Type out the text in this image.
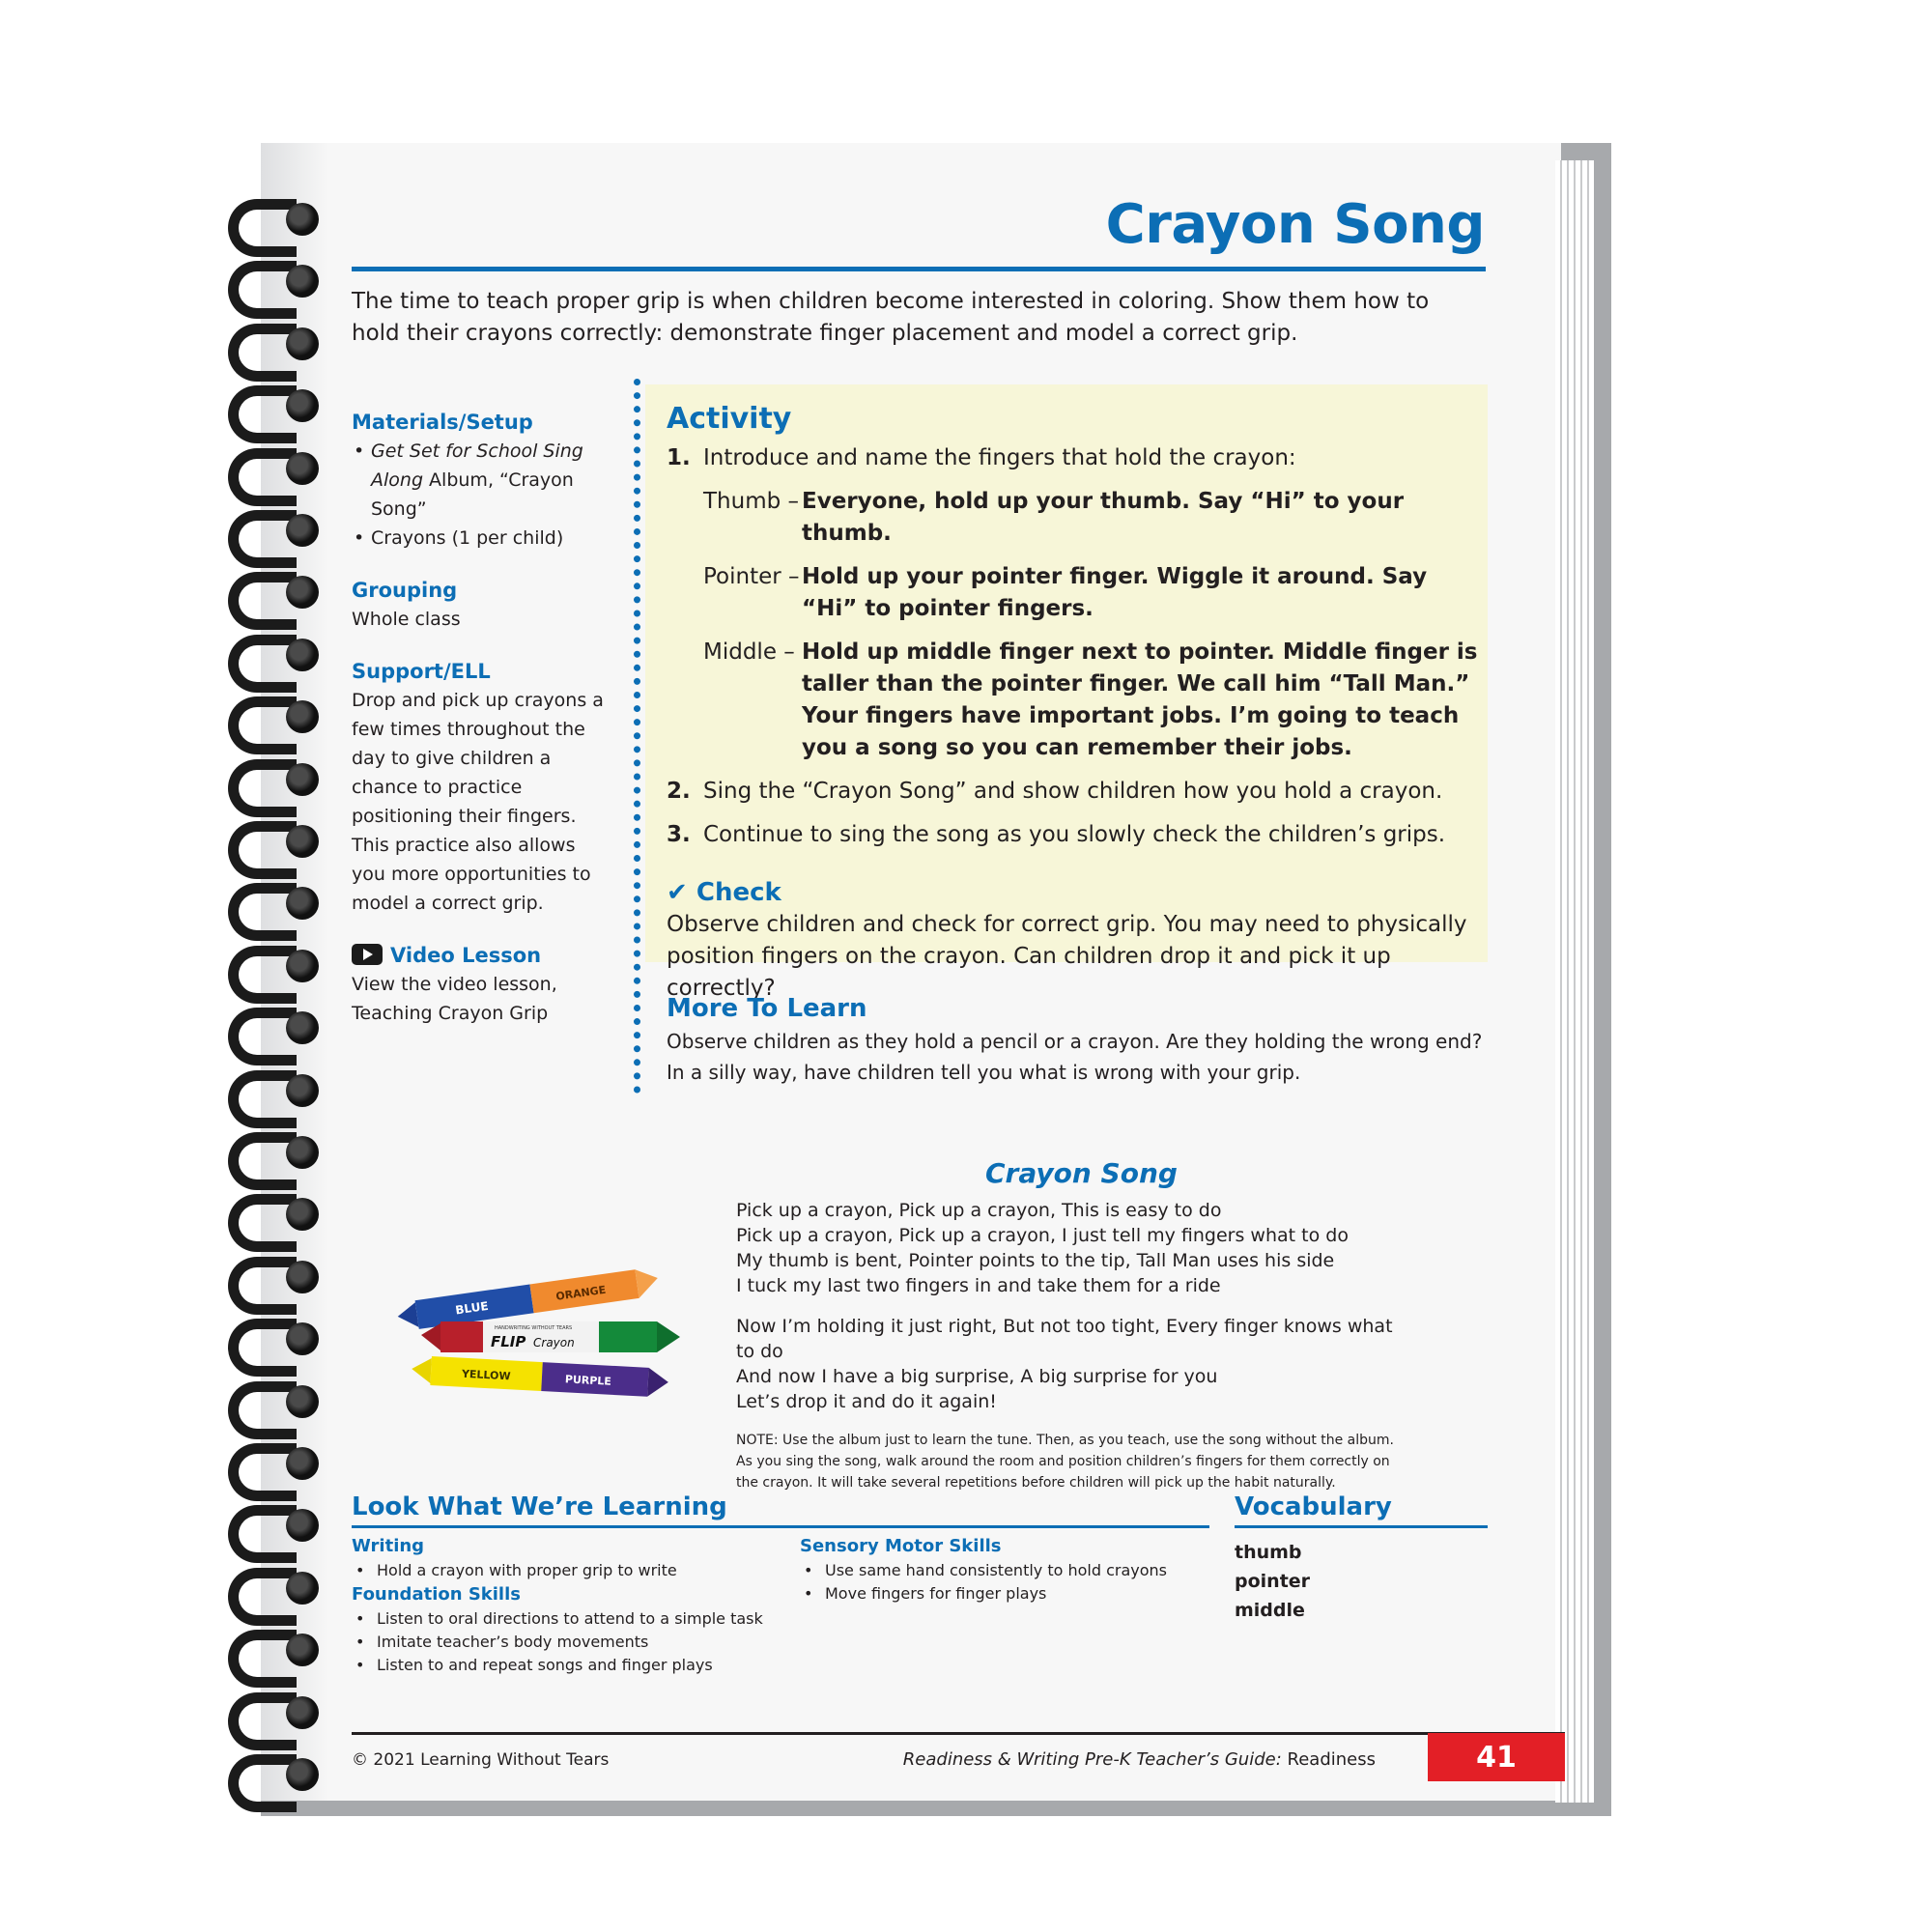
Crayon Song

The time to teach proper grip is when children become interested in coloring. Show them how to hold their crayons correctly: demonstrate finger placement and model a correct grip.

Materials/Setup
• Get Set for School Sing Along Album, “Crayon Song”
• Crayons (1 per child)
Grouping

Whole class

Support/ELL

Drop and pick up crayons a few times throughout the day to give children a chance to practice positioning their fingers. This practice also allows you more opportunities to model a correct grip.

Video Lesson

View the video lesson,
Teaching Crayon Grip

Activity
1. Introduce and name the fingers that hold the crayon:
Thumb – Everyone, hold up your thumb. Say “Hi” to your thumb.
Pointer – Hold up your pointer finger. Wiggle it around. Say “Hi” to pointer fingers.
Middle – Hold up middle finger next to pointer. Middle finger is taller than the pointer finger. We call him “Tall Man.” Your fingers have important jobs. I’m going to teach you a song so you can remember their jobs.
2. Sing the “Crayon Song” and show children how you hold a crayon.
3. Continue to sing the song as you slowly check the children’s grips.
✔ Check

Observe children and check for correct grip. You may need to physically position fingers on the crayon. Can children drop it and pick it up correctly?

More To Learn

Observe children as they hold a pencil or a crayon. Are they holding the wrong end? In a silly way, have children tell you what is wrong with your grip.

BLUE
ORANGE
HANDWRITING WITHOUT TEARS
FLIP Crayon
YELLOW	PURPLE
Crayon Song

Pick up a crayon, Pick up a crayon, This is easy to do

Pick up a crayon, Pick up a crayon, I just tell my fingers what to do

My thumb is bent, Pointer points to the tip, Tall Man uses his side

I tuck my last two fingers in and take them for a ride

Now I’m holding it just right, But not too tight, Every finger knows what to do

And now I have a big surprise, A big surprise for you

Let’s drop it and do it again!

NOTE: Use the album just to learn the tune. Then, as you teach, use the song without the album.

As you sing the song, walk around the room and position children’s fingers for them correctly on

the crayon. It will take several repetitions before children will pick up the habit naturally.

Look What We’re Learning	Vocabulary
Writing
• Hold a crayon with proper grip to write
Foundation Skills
• Listen to oral directions to attend to a simple task
• Imitate teacher’s body movements
• Listen to and repeat songs and finger plays
Sensory Motor Skills
• Use same hand consistently to hold crayons
• Move fingers for finger plays
thumb
pointer
middle
© 2021 Learning Without Tears	Readiness & Writing Pre-K Teacher’s Guide: Readiness	41
